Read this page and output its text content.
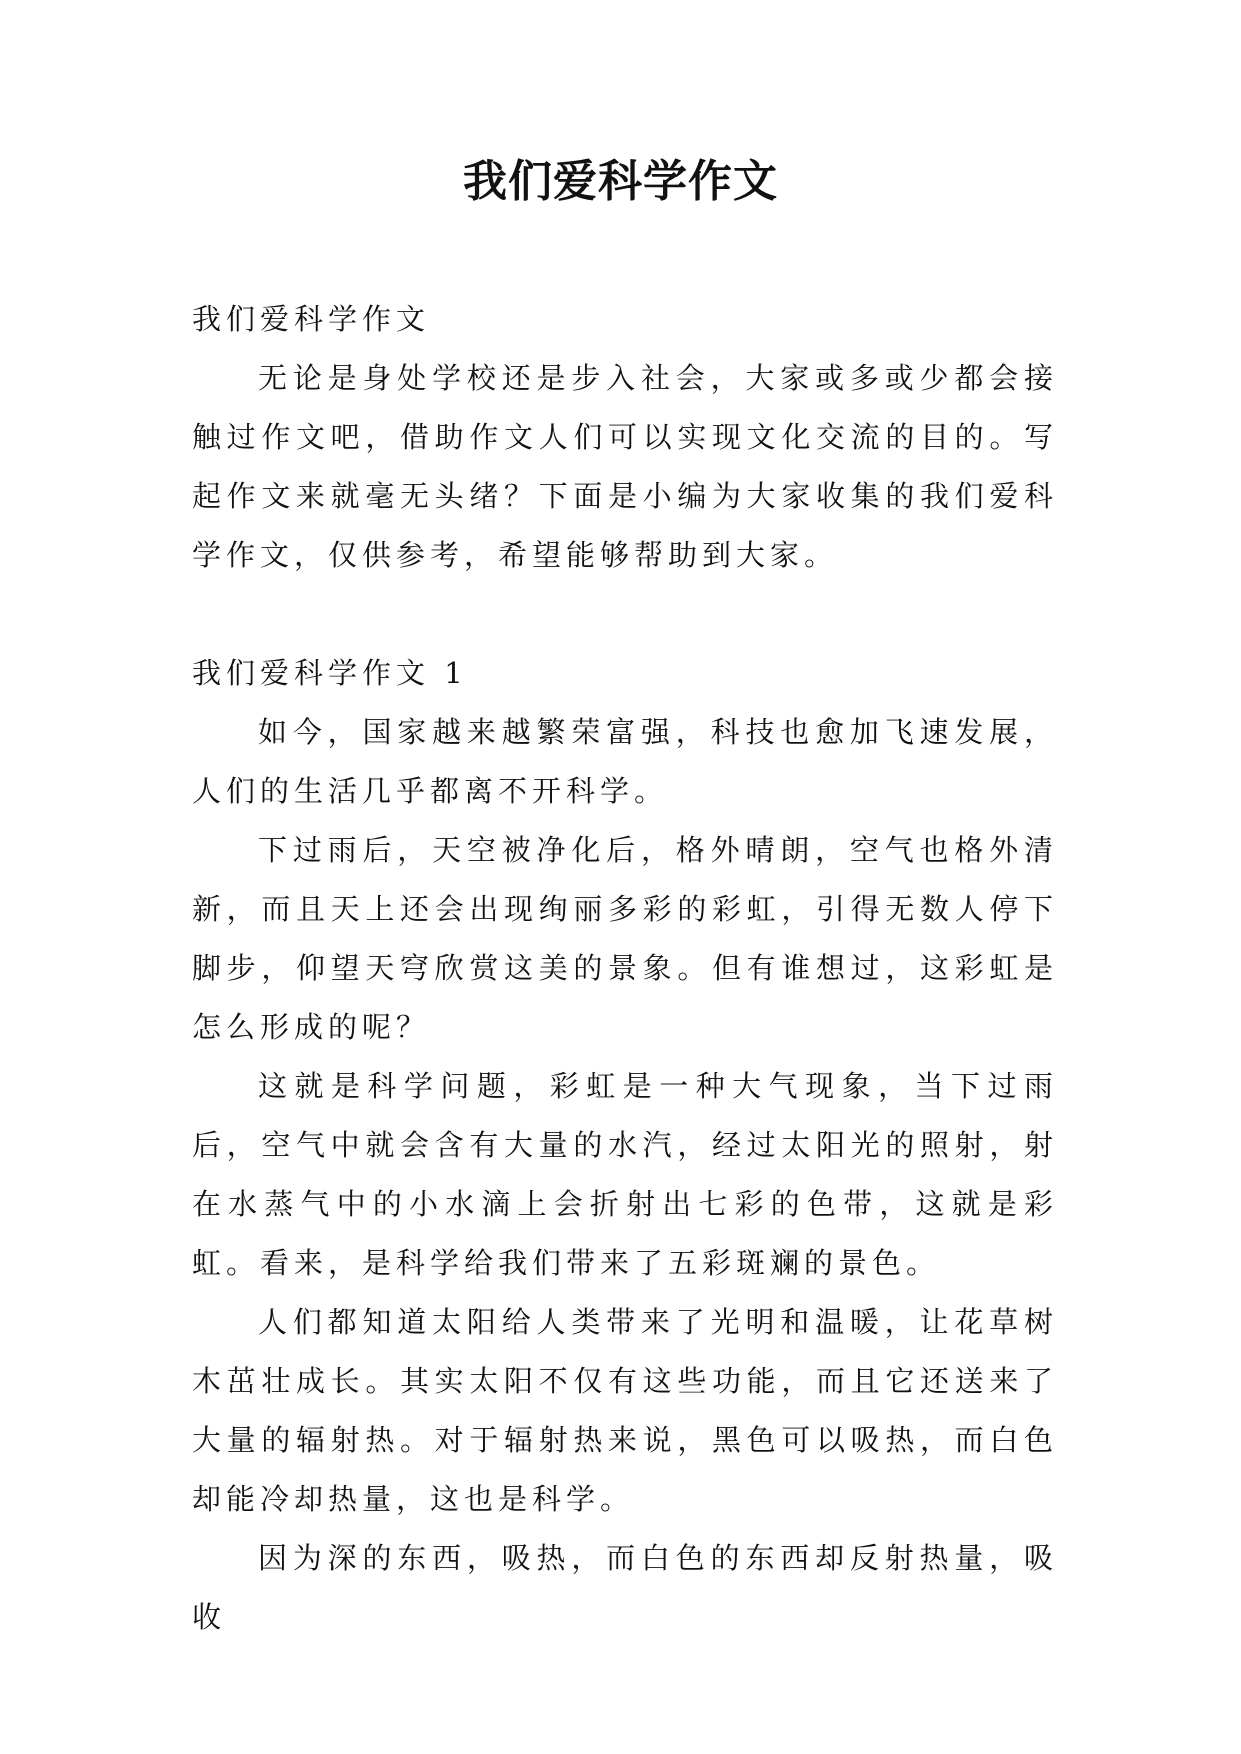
我们爱科学作文

我们爱科学作文

无论是身处学校还是步入社会，大家或多或少都会接触过作文吧，借助作文人们可以实现文化交流的目的。写起作文来就毫无头绪？下面是小编为大家收集的我们爱科学作文，仅供参考，希望能够帮助到大家。

我们爱科学作文 1

如今，国家越来越繁荣富强，科技也愈加飞速发展，人们的生活几乎都离不开科学。

下过雨后，天空被净化后，格外晴朗，空气也格外清新，而且天上还会出现绚丽多彩的彩虹，引得无数人停下脚步，仰望天穹欣赏这美的景象。但有谁想过，这彩虹是怎么形成的呢？

这就是科学问题，彩虹是一种大气现象，当下过雨后，空气中就会含有大量的水汽，经过太阳光的照射，射在水蒸气中的小水滴上会折射出七彩的色带，这就是彩虹。看来，是科学给我们带来了五彩斑斓的景色。

人们都知道太阳给人类带来了光明和温暖，让花草树木茁壮成长。其实太阳不仅有这些功能，而且它还送来了大量的辐射热。对于辐射热来说，黑色可以吸热，而白色却能冷却热量，这也是科学。

因为深的东西，吸热，而白色的东西却反射热量，吸收
